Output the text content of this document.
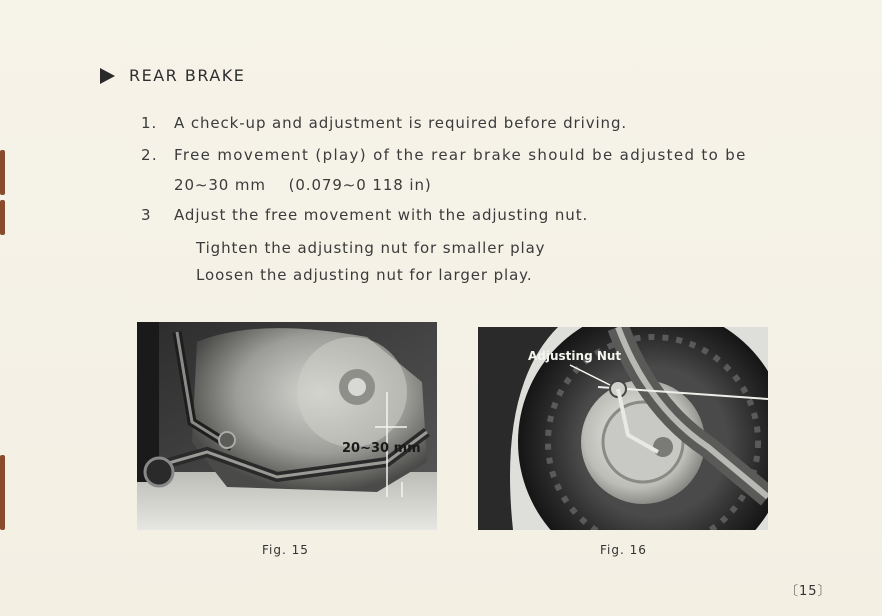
REAR BRAKE
1. A check-up and adjustment is required before driving.
2. Free movement (play) of the rear brake should be adjusted to be
20∼30 mm    (0.079∼0 118 in)
3 Adjust the free movement with the adjusting nut.
Tighten the adjusting nut for smaller play
Loosen the adjusting nut for larger play.
20∼30 mm
Fig. 15
Adjusting Nut
Fig. 16
〔15〕
